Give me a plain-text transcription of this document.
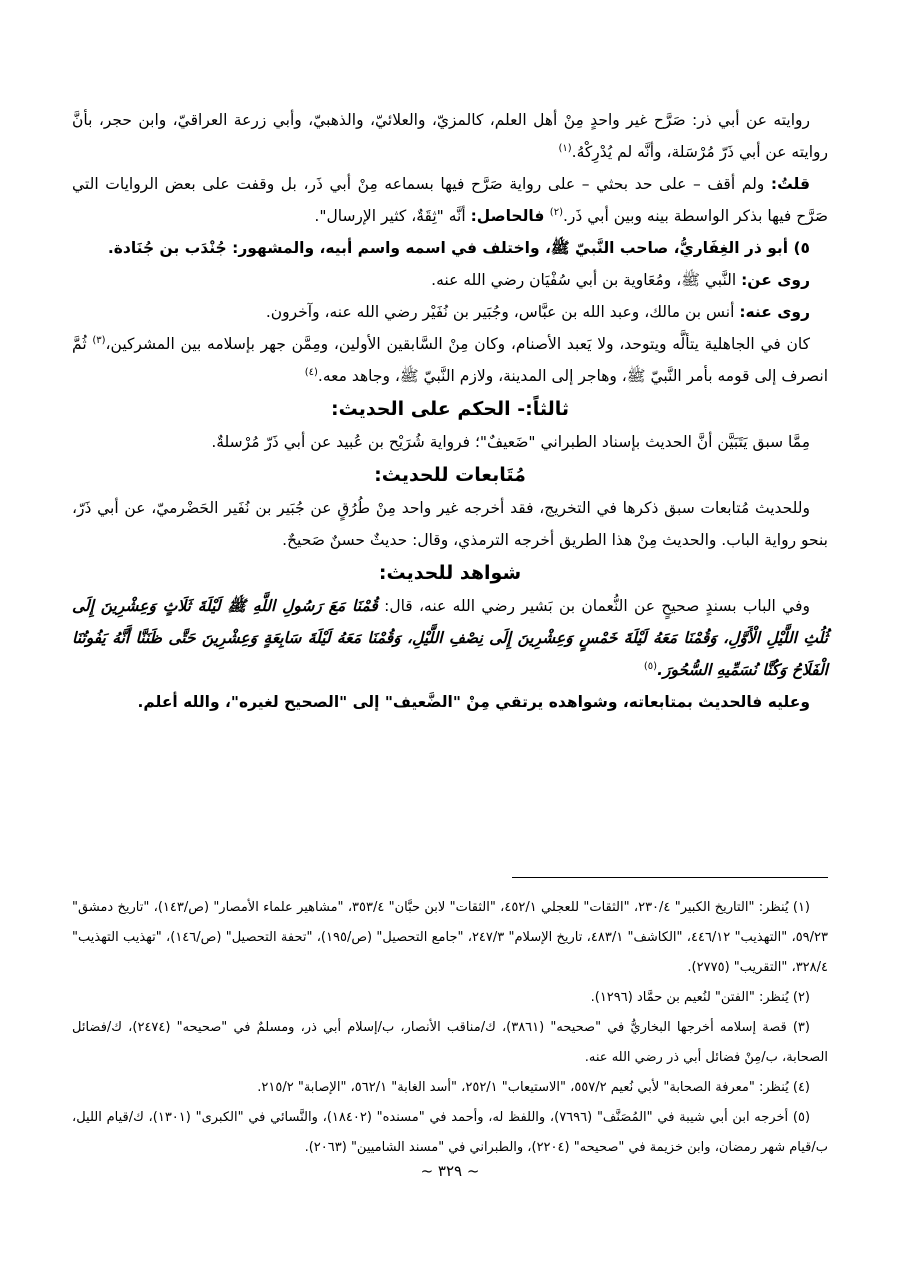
روايته عن أبي ذر: صَرَّح غير واحدٍ مِنْ أهل العلم، كالمزيّ، والعلائيّ، والذهبيّ، وأبي زرعة العراقيّ، وابن حجر، بأنَّ روايته عن أبي ذَرّ مُرْسَلة، وأنَّه لم يُدْرِكْهُ.$^{(١)}$

قلتُ: ولم أقف – على حد بحثي – على رواية صَرَّح فيها بسماعه مِنْ أبي ذَر، بل وقفت على بعض الروايات التي صَرَّح فيها بذكر الواسطة بينه وبين أبي ذَر.$^{(٢)}$ فالحاصل: أنَّه "ثِقَةٌ، كثير الإرسال".

٥) أبو ذر الغِفَاريُّ، صاحب النَّبيّ ﷺ، واختلف في اسمه واسم أبيه، والمشهور: جُنْدَب بن جُنَادة.

روى عن: النَّبي ﷺ، ومُعَاوية بن أبي سُفْيَان رضي الله عنه.

روى عنه: أنس بن مالك، وعبد الله بن عبَّاس، وجُبَير بن نُفَيْر رضي الله عنه، وآخرون.

كان في الجاهلية يتألَّه ويتوحد، ولا يَعبد الأصنام، وكان مِنْ السَّابقين الأولين، ومِمَّن جهر بإسلامه بين المشركين،$^{(٣)}$ ثُمَّ انصرف إلى قومه بأمر النَّبيّ ﷺ، وهاجر إلى المدينة، ولازم النَّبيّ ﷺ، وجاهد معه.$^{(٤)}$

ثالثاً:- الحكم على الحديث:

مِمَّا سبق يَتَبَيَّن أنَّ الحديث بإسناد الطبراني "ضَعيفٌ"؛ فرواية شُرَيْح بن عُبيد عن أبي ذَرّ مُرْسلةٌ.

مُتَابعات للحديث:

وللحديث مُتابعات سبق ذكرها في التخريج، فقد أخرجه غير واحد مِنْ طُرُقٍ عن جُبَير بن نُفَير الحَضْرميّ، عن أبي ذَرّ، بنحو رواية الباب. والحديث مِنْ هذا الطريق أخرجه الترمذي، وقال: حديثٌ حسنٌ صَحيحٌ.

شواهد للحديث:

وفي الباب بسندٍ صحيحٍ عن النُّعمان بن بَشير رضي الله عنه، قال: قُمْنَا مَعَ رَسُولِ اللَّهِ ﷺ لَيْلَةَ ثَلَاثٍ وَعِشْرِينَ إِلَى ثُلُثِ اللَّيْلِ الْأَوَّلِ، وَقُمْنَا مَعَهُ لَيْلَةَ خَمْسٍ وَعِشْرِينَ إِلَى نِصْفِ اللَّيْلِ، وَقُمْنَا مَعَهُ لَيْلَةَ سَابِعَةٍ وَعِشْرِينَ حَتَّى ظَنَنَّا أَنَّهُ يَفُوتُنَا الْفَلَاحُ وَكُنَّا نُسَمِّيهِ السُّحُورَ.$^{(٥)}$

وعليه فالحديث بمتابعاته، وشواهده يرتقي مِنْ "الضَّعيف" إلى "الصحيح لغيره"، والله أعلم.

(١) يُنظر: "التاريخ الكبير" ٢٣٠/٤، "الثقات" للعجلي ٤٥٢/١، "الثقات" لابن حبَّان" ٣٥٣/٤، "مشاهير علماء الأمصار" (ص/١٤٣)، "تاريخ دمشق" ٥٩/٢٣، "التهذيب" ٤٤٦/١٢، "الكاشف" ٤٨٣/١، تاريخ الإسلام" ٢٤٧/٣، "جامع التحصيل" (ص/١٩٥)، "تحفة التحصيل" (ص/١٤٦)، "تهذيب التهذيب" ٣٢٨/٤، "التقريب" (٢٧٧٥).

(٢) يُنظر: "الفتن" لنُعيم بن حمَّاد (١٢٩٦).

(٣) قصة إسلامه أخرجها البخاريُّ في "صحيحه" (٣٨٦١)، ك/مناقب الأنصار، ب/إسلام أبي ذر، ومسلمٌ في "صحيحه" (٢٤٧٤)، ك/فضائل الصحابة، ب/مِنْ فضائل أبي ذر رضي الله عنه.

(٤) يُنظر: "معرفة الصحابة" لأبي نُعيم ٥٥٧/٢، "الاستيعاب" ٢٥٢/١، "أسد الغابة" ٥٦٢/١، "الإصابة" ٢١٥/٢.

(٥) أخرجه ابن أبي شيبة في "المُصَنَّف" (٧٦٩٦)، واللفظ له، وأحمد في "مسنده" (١٨٤٠٢)، والنَّسائي في "الكبرى" (١٣٠١)، ك/قيام الليل، ب/قيام شهر رمضان، وابن خزيمة في "صحيحه" (٢٢٠٤)، والطبراني في "مسند الشاميين" (٢٠٦٣).

~ ٣٢٩ ~
